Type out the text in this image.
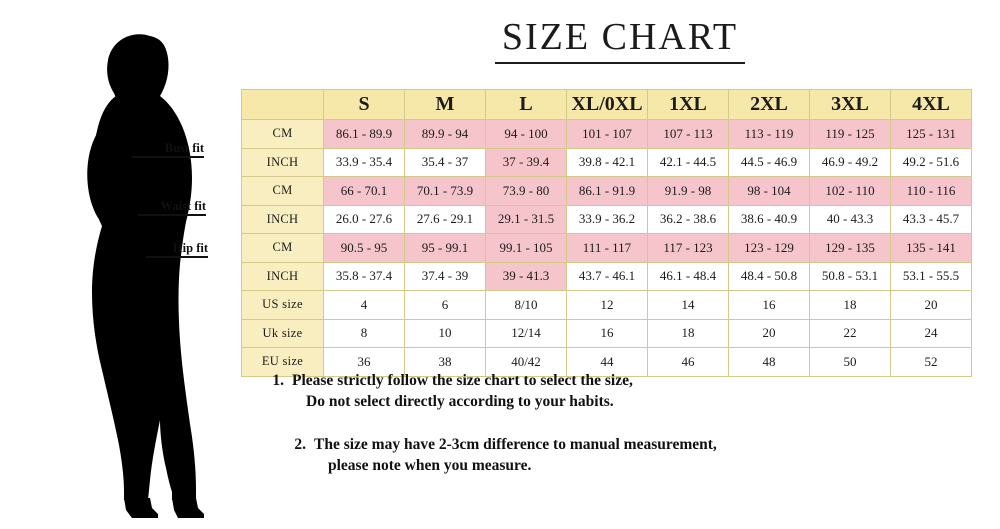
Bust fit
Waist fit
Hip fit
SIZE CHART
	S	M	L	XL/0XL	1XL	2XL	3XL	4XL
CM	86.1 - 89.9	89.9 - 94	94 - 100	101 - 107	107 - 113	113 - 119	119 - 125	125 - 131
INCH	33.9 - 35.4	35.4 - 37	37 - 39.4	39.8 - 42.1	42.1 - 44.5	44.5 - 46.9	46.9 - 49.2	49.2 - 51.6
CM	66 - 70.1	70.1 - 73.9	73.9 - 80	86.1 - 91.9	91.9 - 98	98 - 104	102 - 110	110 - 116
INCH	26.0 - 27.6	27.6 - 29.1	29.1 - 31.5	33.9 - 36.2	36.2 - 38.6	38.6 - 40.9	40 - 43.3	43.3 - 45.7
CM	90.5 - 95	95 - 99.1	99.1 - 105	111 - 117	117 - 123	123 - 129	129 - 135	135 - 141
INCH	35.8 - 37.4	37.4 - 39	39 - 41.3	43.7 - 46.1	46.1 - 48.4	48.4 - 50.8	50.8 - 53.1	53.1 - 55.5
US size	4	6	8/10	12	14	16	18	20
Uk size	8	10	12/14	16	18	20	22	24
EU size	36	38	40/42	44	46	48	50	52
1. Please strictly follow the size chart to select the size,
Do not select directly according to your habits.
2. The size may have 2-3cm difference to manual measurement,
please note when you measure.
